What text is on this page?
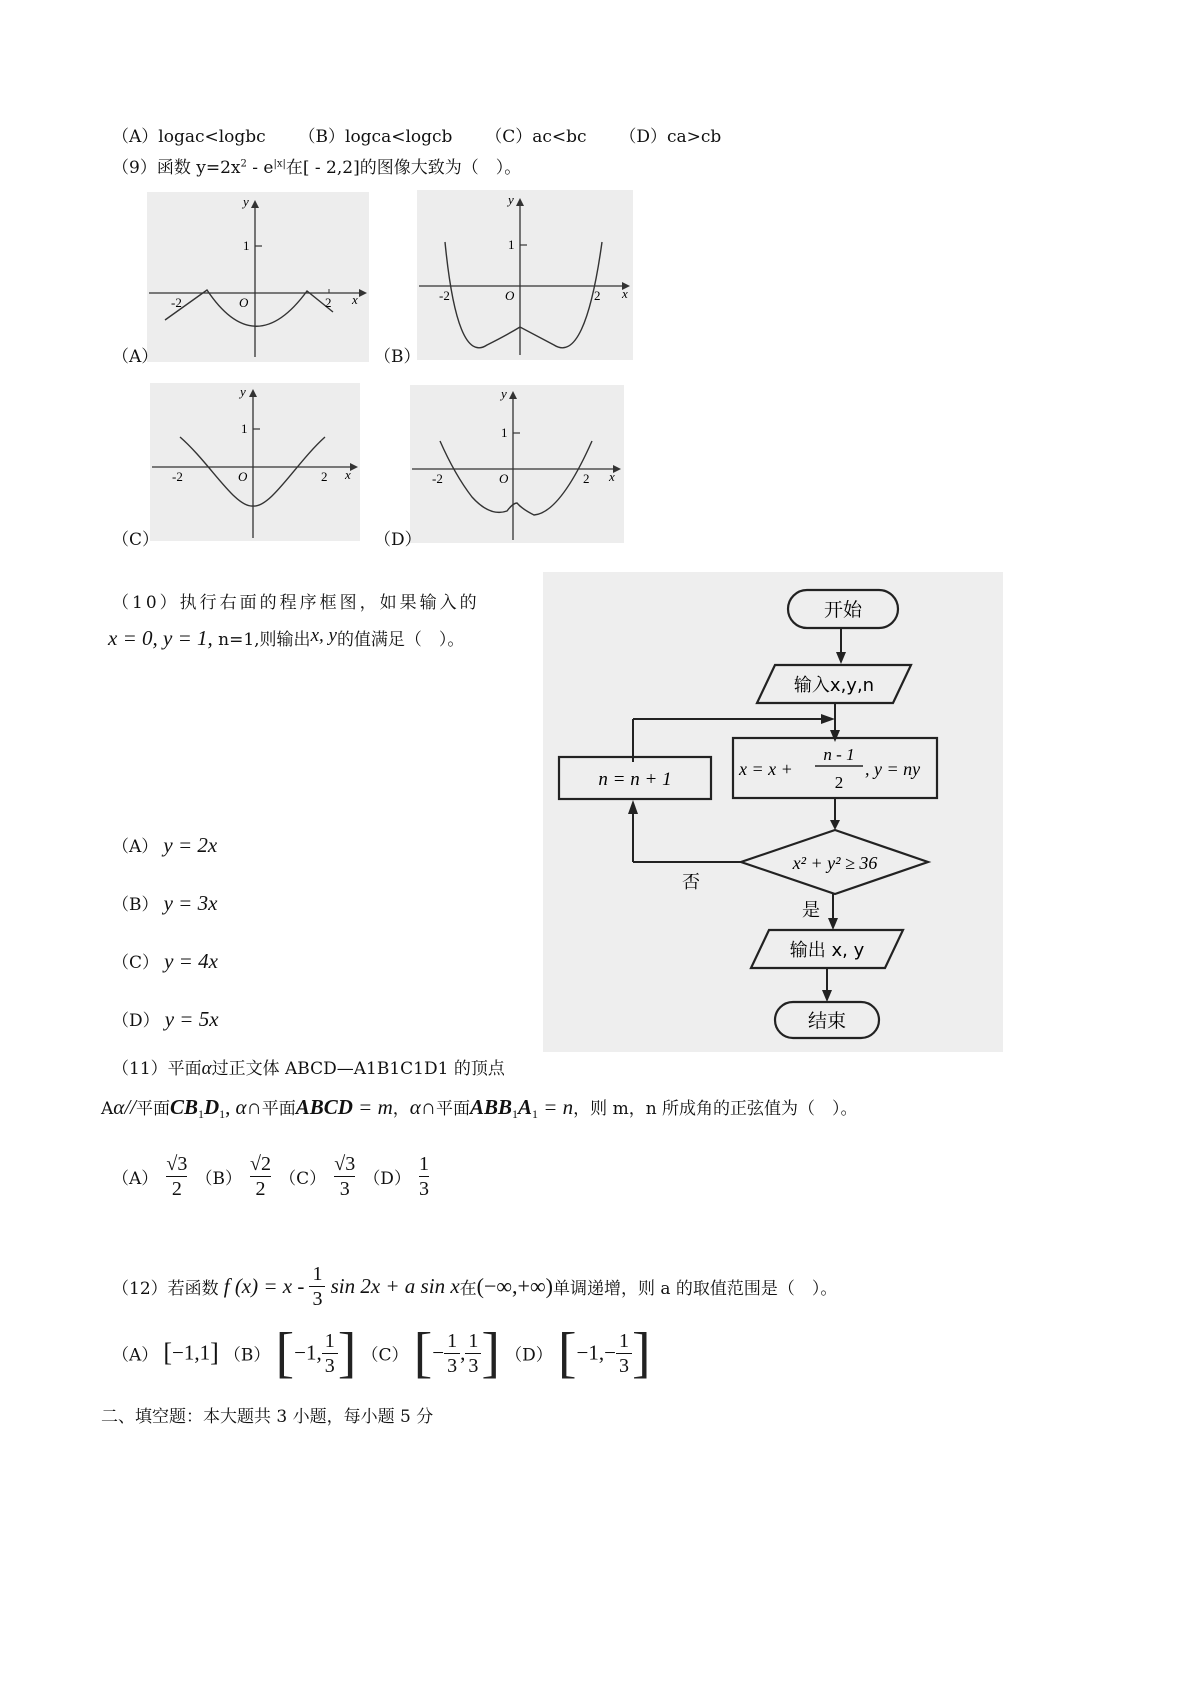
（A）logac<logbc （B）logca<logcb （C）ac<bc （D）ca>cb
（9）函数 $y=2x^2 - e^{|x|}$在[ - 2,2]的图像大致为（　）。
y
1
-2	O	2 x
（A）
y
1
-2	O	2 x
（B）
y
1
-2	O	2 x
（C）
y
1
-2	O	2 x
（D）
（10）执行右面的程序框图，如果输入的
x = 0, y = 1, n=1,则输出x, y的值满足（　）。
（A） y = 2x
（B） y = 3x
（C） y = 4x
（D） y = 5x
开始
输入x,y,n
x = x +
n - 1
2
, y = ny
n = n + 1
x² + y² ≥ 36
否
是
输出 x, y
结束
（11）平面α过正文体 ABCD—A1B1C1D1 的顶点
Aα//平面$CB_1D_1$, α∩平面ABCD = m，α∩平面$ABB_1A_1 = n$，则 m，n 所成角的正弦值为（　）。
$(A) \frac{√3}{2} (B) \frac{√2}{2} (C) \frac{√3}{3} (D) \frac{1}{3}$
（12）若函数 f $(x) = x - \frac{1}{3}$ sin 2x + a sin x在(−∞,+∞)单调递增，则 a 的取值范围是（　）。
（A） [−1,1] （B） [−1, $\frac{1}{3}$ ] （C） [− $\frac{1}{3}$ , $\frac{1}{3}$ ] （D） [$-1,- \frac{1}{3}$ ]
二、填空题：本大题共 3 小题，每小题 5 分
